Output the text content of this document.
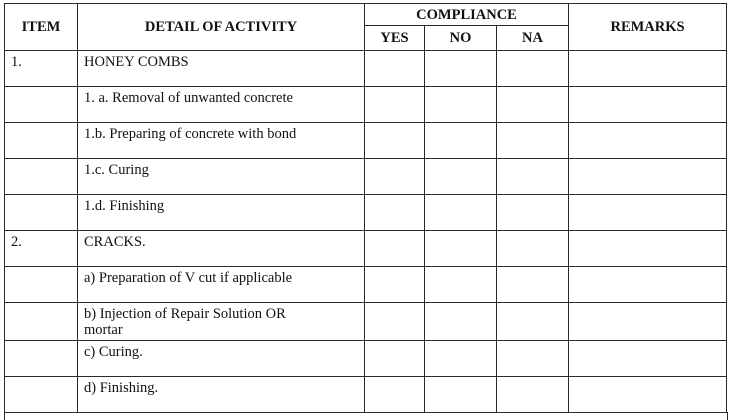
ITEM	DETAIL OF ACTIVITY	COMPLIANCE			REMARKS
		YES	NO	NA	
1.	HONEY COMBS				
	1. a. Removal of unwanted concrete				
	1.b. Preparing of concrete with bond				
	1.c. Curing				
	1.d. Finishing				
2.	CRACKS.				
	a) Preparation of V cut if applicable				
	b) Injection of Repair Solution OR mortar				
	c) Curing.				
	d) Finishing.				
